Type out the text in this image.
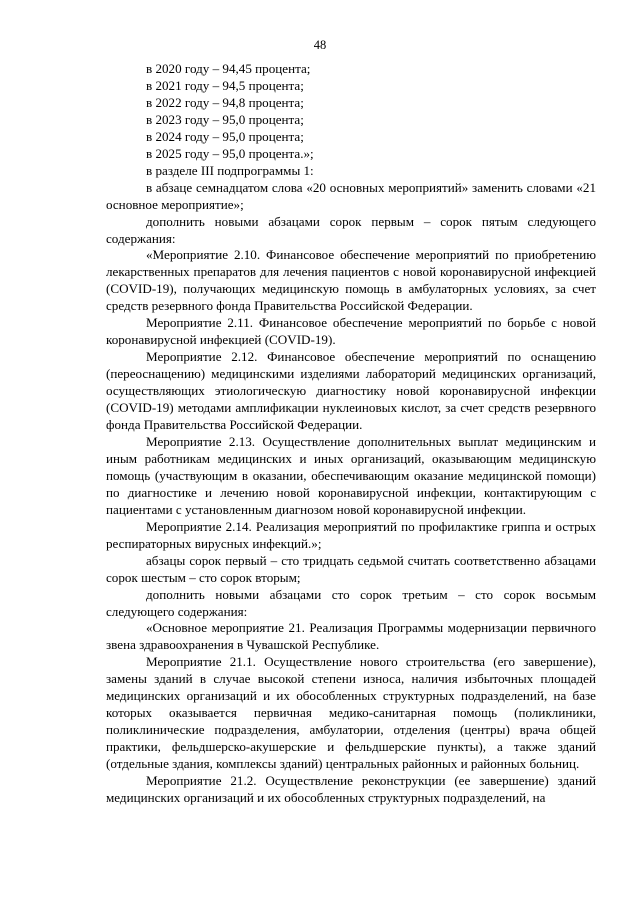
48

в 2020 году – 94,45 процента;

в 2021 году – 94,5 процента;

в 2022 году – 94,8 процента;

в 2023 году – 95,0 процента;

в 2024 году – 95,0 процента;

в 2025 году – 95,0 процента.»;

в разделе III подпрограммы 1:

в абзаце семнадцатом слова «20 основных мероприятий» заменить словами «21 основное мероприятие»;

дополнить новыми абзацами сорок первым – сорок пятым следующего содержания:

«Мероприятие 2.10. Финансовое обеспечение мероприятий по приобретению лекарственных препаратов для лечения пациентов с новой коронавирусной инфекцией (COVID-19), получающих медицинскую помощь в амбулаторных условиях, за счет средств резервного фонда Правительства Российской Федерации.

Мероприятие 2.11. Финансовое обеспечение мероприятий по борьбе с новой коронавирусной инфекцией (COVID-19).

Мероприятие 2.12. Финансовое обеспечение мероприятий по оснащению (переоснащению) медицинскими изделиями лабораторий медицинских организаций, осуществляющих этиологическую диагностику новой коронавирусной инфекции (COVID-19) методами амплификации нуклеиновых кислот, за счет средств резервного фонда Правительства Российской Федерации.

Мероприятие 2.13. Осуществление дополнительных выплат медицинским и иным работникам медицинских и иных организаций, оказывающим медицинскую помощь (участвующим в оказании, обеспечивающим оказание медицинской помощи) по диагностике и лечению новой коронавирусной инфекции, контактирующим с пациентами с установленным диагнозом новой коронавирусной инфекции.

Мероприятие 2.14. Реализация мероприятий по профилактике гриппа и острых респираторных вирусных инфекций.»;

абзацы сорок первый – сто тридцать седьмой считать соответственно абзацами сорок шестым – сто сорок вторым;

дополнить новыми абзацами сто сорок третьим – сто сорок восьмым следующего содержания:

«Основное мероприятие 21. Реализация Программы модернизации первичного звена здравоохранения в Чувашской Республике.

Мероприятие 21.1. Осуществление нового строительства (его завершение), замены зданий в случае высокой степени износа, наличия избыточных площадей медицинских организаций и их обособленных структурных подразделений, на базе которых оказывается первичная медико-санитарная помощь (поликлиники, поликлинические подразделения, амбулатории, отделения (центры) врача общей практики, фельдшерско-акушерские и фельдшерские пункты), а также зданий (отдельные здания, комплексы зданий) центральных районных и районных больниц.

Мероприятие 21.2. Осуществление реконструкции (ее завершение) зданий медицинских организаций и их обособленных структурных подразделений, на
